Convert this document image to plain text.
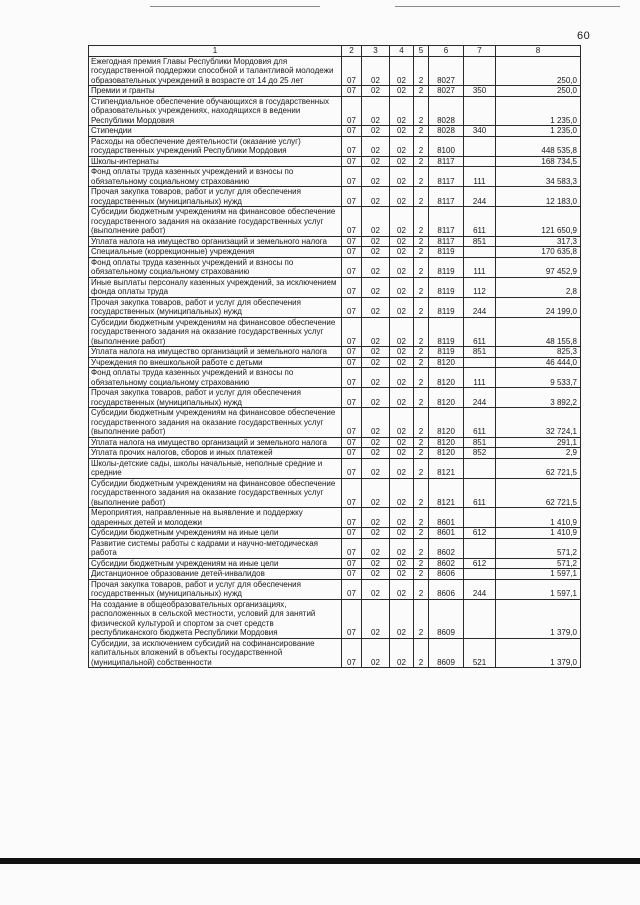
60
1	2	3	4	5	6	7	8
Ежегодная премия Главы Республики Мордовия для государственной поддержки способной и талантливой молодежи образовательных учреждений в возрасте от 14 до 25 лет	07	02	02	2	8027		250,0
Премии и гранты	07	02	02	2	8027	350	250,0
Стипендиальное обеспечение обучающихся в государственных образовательных учреждениях, находящихся в ведении Республики Мордовия	07	02	02	2	8028		1 235,0
Стипендии	07	02	02	2	8028	340	1 235,0
Расходы на обеспечение деятельности (оказание услуг) государственных учреждений Республики Мордовия	07	02	02	2	8100		448 535,8
Школы-интернаты	07	02	02	2	8117		168 734,5
Фонд оплаты труда казенных учреждений и взносы по обязательному социальному страхованию	07	02	02	2	8117	111	34 583,3
Прочая закупка товаров, работ и услуг для обеспечения государственных (муниципальных) нужд	07	02	02	2	8117	244	12 183,0
Субсидии бюджетным учреждениям на финансовое обеспечение государственного задания на оказание государственных услуг (выполнение работ)	07	02	02	2	8117	611	121 650,9
Уплата налога на имущество организаций и земельного налога	07	02	02	2	8117	851	317,3
Специальные (коррекционные) учреждения	07	02	02	2	8119		170 635,8
Фонд оплаты труда казенных учреждений и взносы по обязательному социальному страхованию	07	02	02	2	8119	111	97 452,9
Иные выплаты персоналу казенных учреждений, за исключением фонда оплаты труда	07	02	02	2	8119	112	2,8
Прочая закупка товаров, работ и услуг для обеспечения государственных (муниципальных) нужд	07	02	02	2	8119	244	24 199,0
Субсидии бюджетным учреждениям на финансовое обеспечение государственного задания на оказание государственных услуг (выполнение работ)	07	02	02	2	8119	611	48 155,8
Уплата налога на имущество организаций и земельного налога	07	02	02	2	8119	851	825,3
Учреждения по внешкольной работе с детьми	07	02	02	2	8120		46 444,0
Фонд оплаты труда казенных учреждений и взносы по обязательному социальному страхованию	07	02	02	2	8120	111	9 533,7
Прочая закупка товаров, работ и услуг для обеспечения государственных (муниципальных) нужд	07	02	02	2	8120	244	3 892,2
Субсидии бюджетным учреждениям на финансовое обеспечение государственного задания на оказание государственных услуг (выполнение работ)	07	02	02	2	8120	611	32 724,1
Уплата налога на имущество организаций и земельного налога	07	02	02	2	8120	851	291,1
Уплата прочих налогов, сборов и иных платежей	07	02	02	2	8120	852	2,9
Школы-детские сады, школы начальные, неполные средние и средние	07	02	02	2	8121		62 721,5
Субсидии бюджетным учреждениям на финансовое обеспечение государственного задания на оказание государственных услуг (выполнение работ)	07	02	02	2	8121	611	62 721,5
Мероприятия, направленные на выявление и поддержку одаренных детей и молодежи	07	02	02	2	8601		1 410,9
Субсидии бюджетным учреждениям на иные цели	07	02	02	2	8601	612	1 410,9
Развитие системы работы с кадрами и научно-методическая работа	07	02	02	2	8602		571,2
Субсидии бюджетным учреждениям на иные цели	07	02	02	2	8602	612	571,2
Дистанционное образование детей-инвалидов	07	02	02	2	8606		1 597,1
Прочая закупка товаров, работ и услуг для обеспечения государственных (муниципальных) нужд	07	02	02	2	8606	244	1 597,1
На создание в общеобразовательных организациях, расположенных в сельской местности, условий для занятий физической культурой и спортом за счет средств республиканского бюджета Республики Мордовия	07	02	02	2	8609		1 379,0
Субсидии, за исключением субсидий на софинансирование капитальных вложений в объекты государственной (муниципальной) собственности	07	02	02	2	8609	521	1 379,0
